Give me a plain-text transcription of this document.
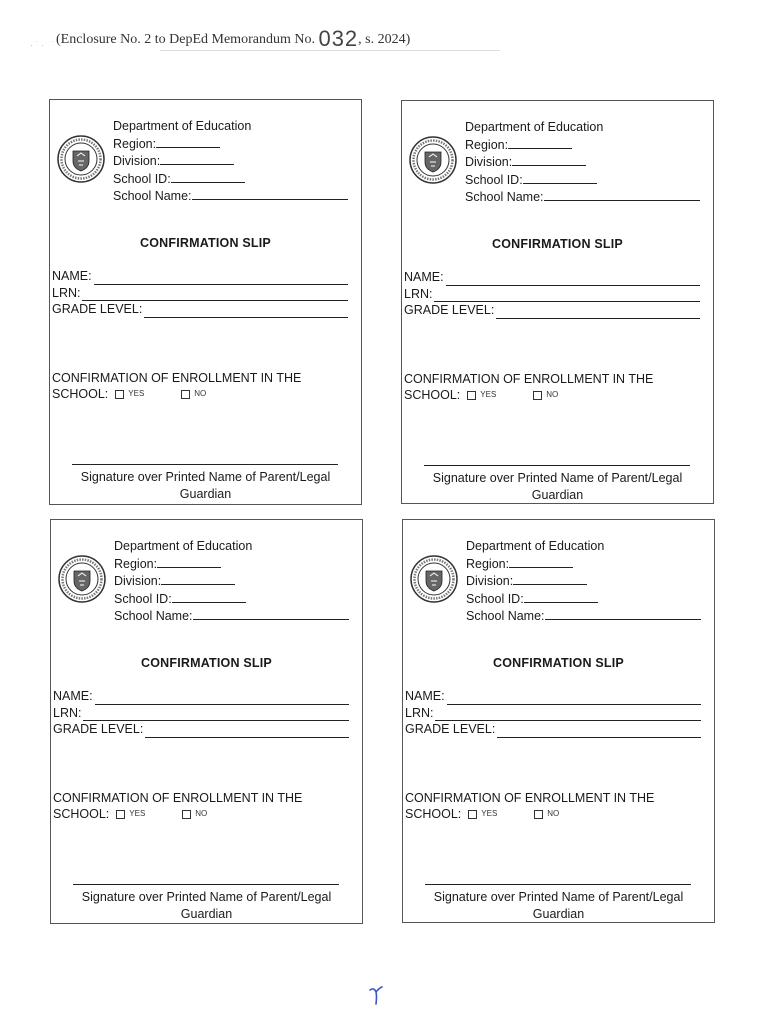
· ˙ ·   ˙ (Enclosure No. 2 to DepEd Memorandum No. 032, s. 2024)
Department of Education
Region:
Division:
School ID:
School Name:
CONFIRMATION SLIP
NAME:
LRN:
GRADE LEVEL:
CONFIRMATION OF ENROLLMENT IN THE
SCHOOL:	YES	NO
Signature over Printed Name of Parent/Legal
Guardian
Department of Education
Region:
Division:
School ID:
School Name:
CONFIRMATION SLIP
NAME:
LRN:
GRADE LEVEL:
CONFIRMATION OF ENROLLMENT IN THE
SCHOOL:	YES	NO
Signature over Printed Name of Parent/Legal
Guardian
Department of Education
Region:
Division:
School ID:
School Name:
CONFIRMATION SLIP
NAME:
LRN:
GRADE LEVEL:
CONFIRMATION OF ENROLLMENT IN THE
SCHOOL:	YES	NO
Signature over Printed Name of Parent/Legal
Guardian
Department of Education
Region:
Division:
School ID:
School Name:
CONFIRMATION SLIP
NAME:
LRN:
GRADE LEVEL:
CONFIRMATION OF ENROLLMENT IN THE
SCHOOL:	YES	NO
Signature over Printed Name of Parent/Legal
Guardian
